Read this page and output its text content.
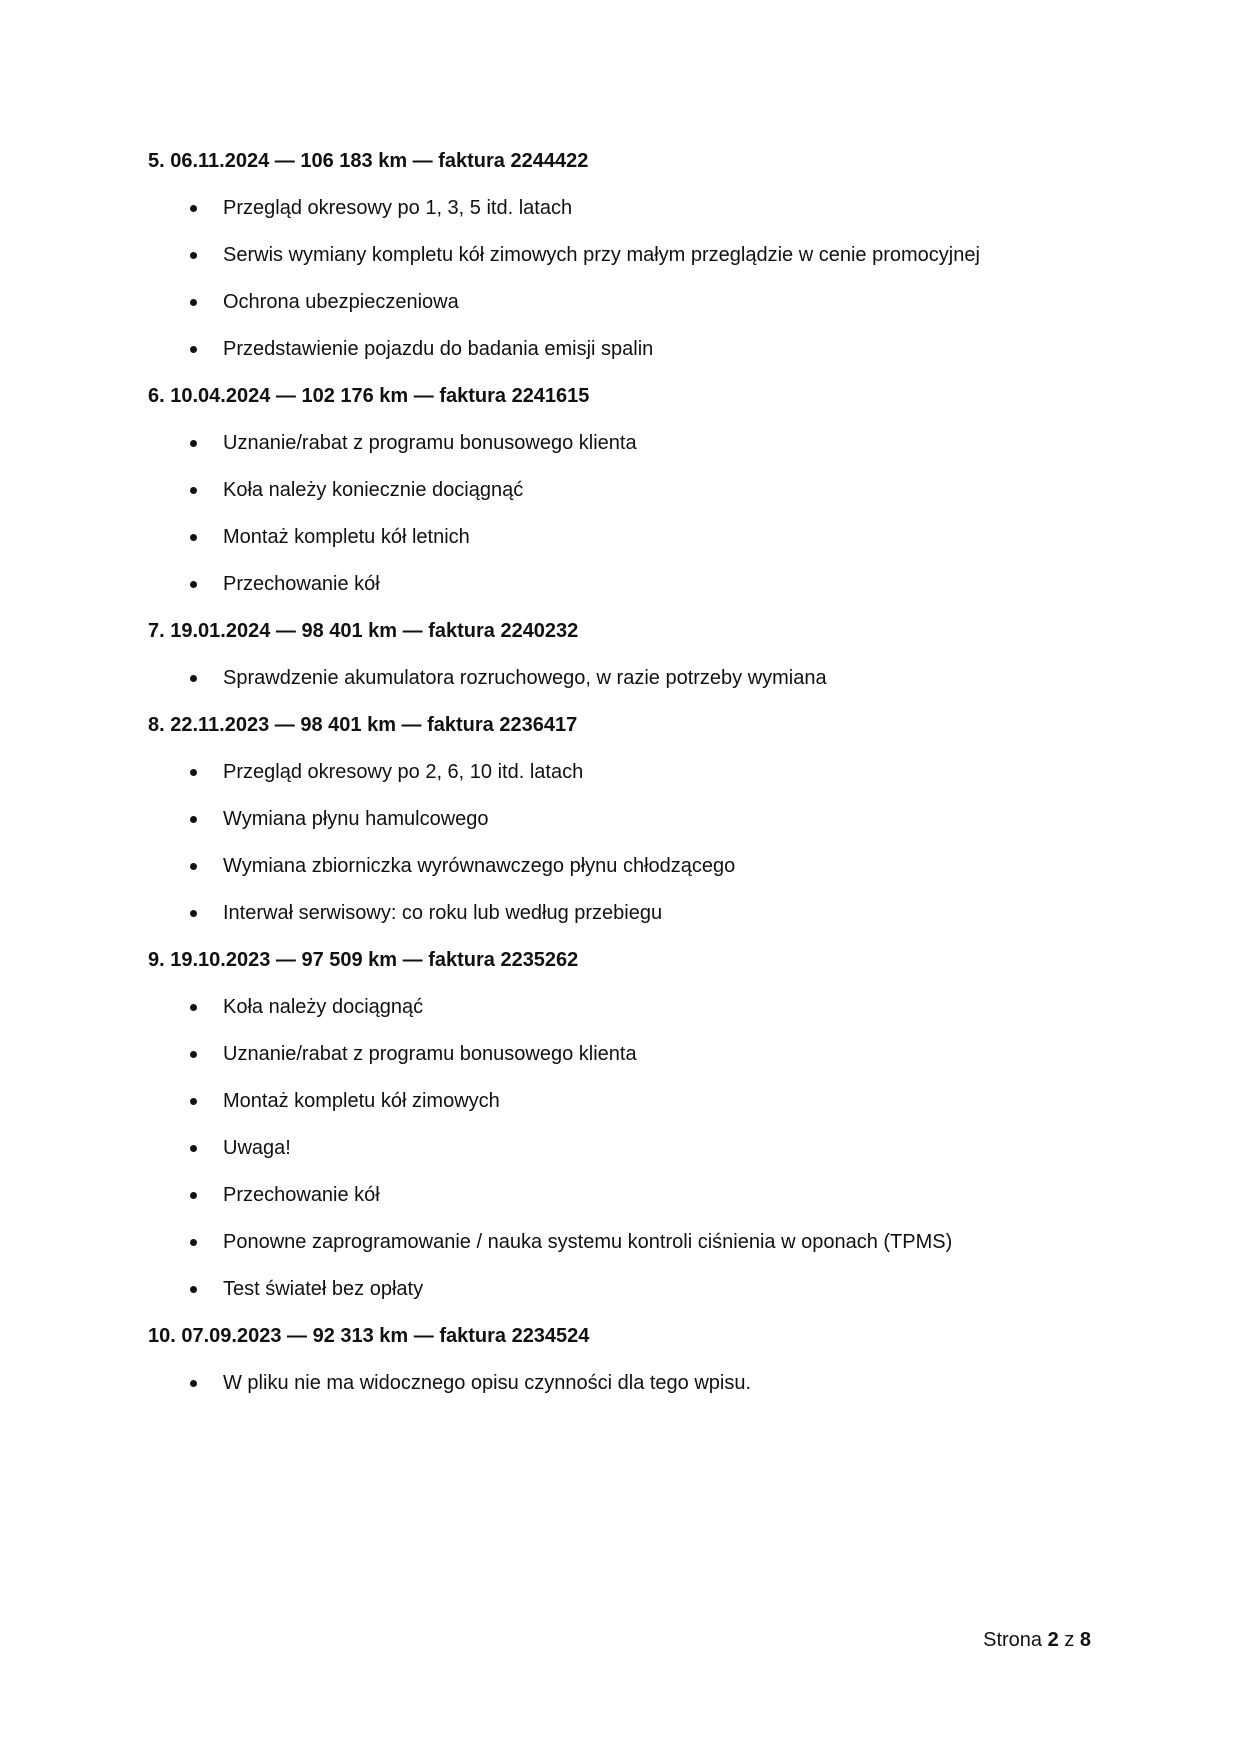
5. 06.11.2024 — 106 183 km — faktura 2244422
Przegląd okresowy po 1, 3, 5 itd. latach
Serwis wymiany kompletu kół zimowych przy małym przeglądzie w cenie promocyjnej
Ochrona ubezpieczeniowa
Przedstawienie pojazdu do badania emisji spalin
6. 10.04.2024 — 102 176 km — faktura 2241615
Uznanie/rabat z programu bonusowego klienta
Koła należy koniecznie dociągnąć
Montaż kompletu kół letnich
Przechowanie kół
7. 19.01.2024 — 98 401 km — faktura 2240232
Sprawdzenie akumulatora rozruchowego, w razie potrzeby wymiana
8. 22.11.2023 — 98 401 km — faktura 2236417
Przegląd okresowy po 2, 6, 10 itd. latach
Wymiana płynu hamulcowego
Wymiana zbiorniczka wyrównawczego płynu chłodzącego
Interwał serwisowy: co roku lub według przebiegu
9. 19.10.2023 — 97 509 km — faktura 2235262
Koła należy dociągnąć
Uznanie/rabat z programu bonusowego klienta
Montaż kompletu kół zimowych
Uwaga!
Przechowanie kół
Ponowne zaprogramowanie / nauka systemu kontroli ciśnienia w oponach (TPMS)
Test świateł bez opłaty
10. 07.09.2023 — 92 313 km — faktura 2234524
W pliku nie ma widocznego opisu czynności dla tego wpisu.
Strona 2 z 8
